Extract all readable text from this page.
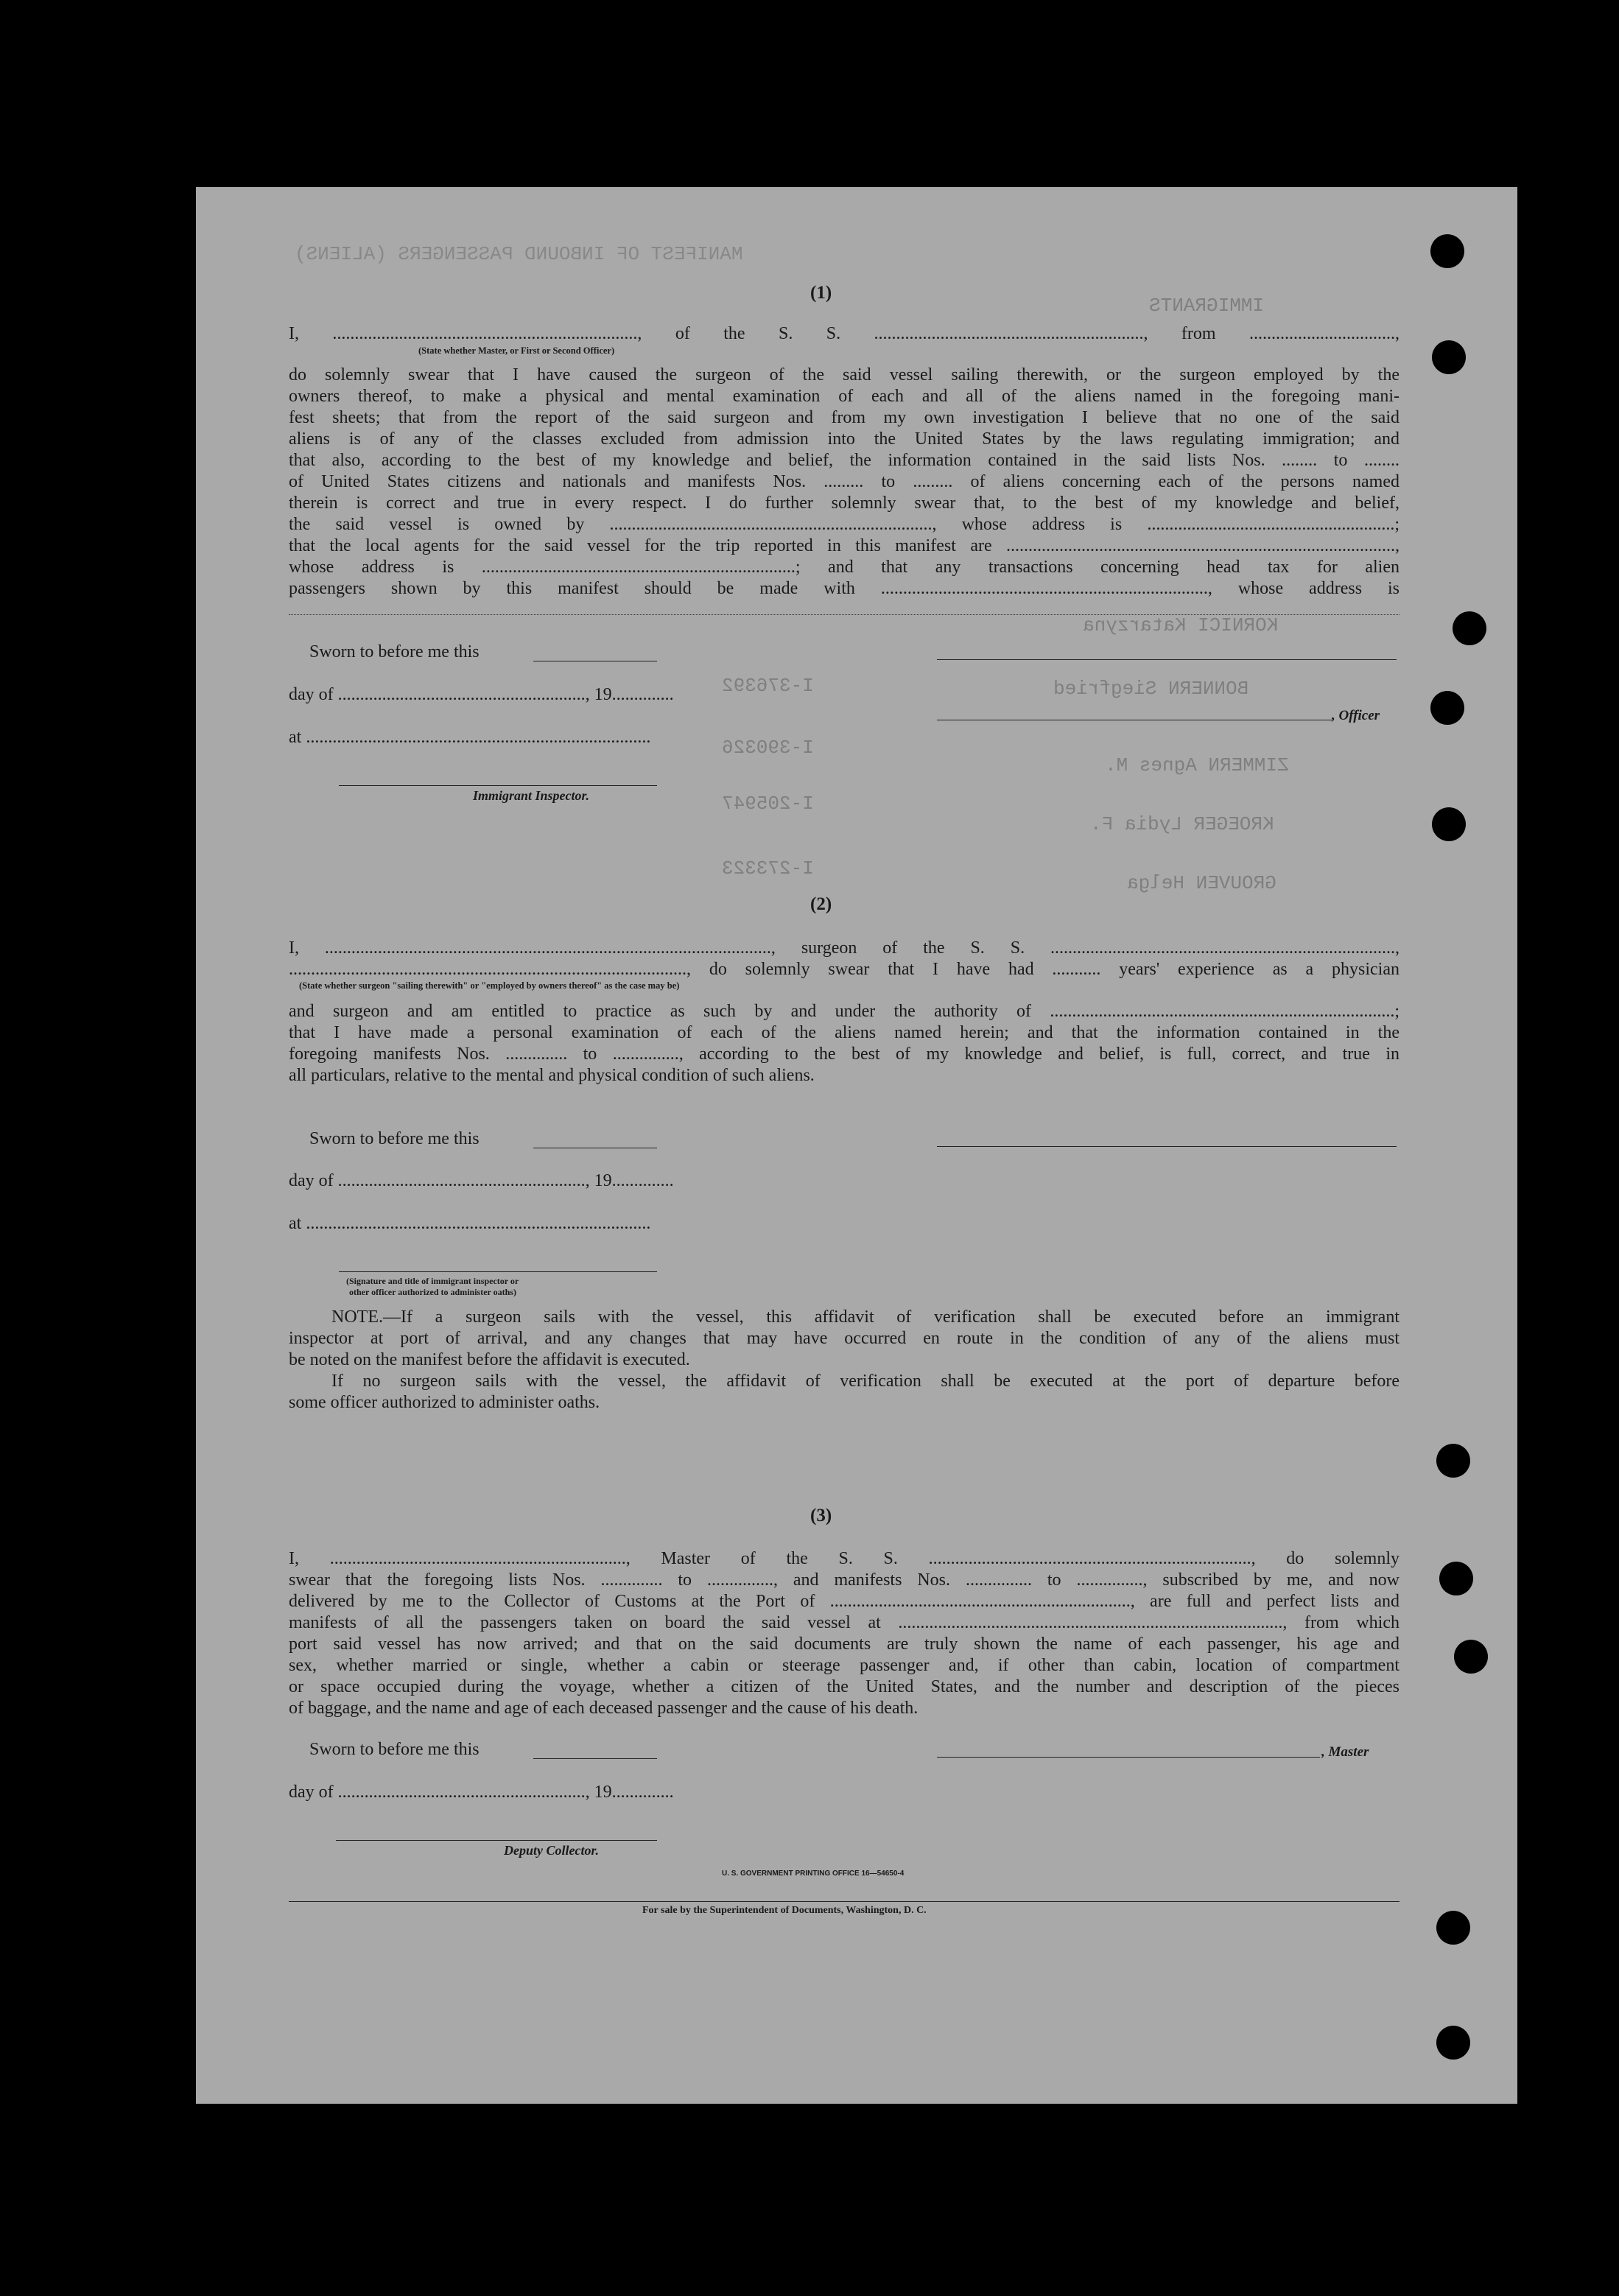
‹
›
MANIFEST OF INBOUND PASSENGERS (ALIENS)
IMMIGRANTS
KORNICI Katarzyna
BONNERN Siegfried
ZIMMERN Agnes M.
KROEGER Lydia F.
GROUVEN Helga
I-376392
I-390326
I-205947
I-273323
(1)
I, ....................................................................., of the S. S. ............................................................., from .................................,
(State whether Master, or First or Second Officer)
do solemnly swear that I have caused the surgeon of the said vessel sailing therewith, or the surgeon employed by the
owners thereof, to make a physical and mental examination of each and all of the aliens named in the foregoing mani-
fest sheets; that from the report of the said surgeon and from my own investigation I believe that no one of the said
aliens is of any of the classes excluded from admission into the United States by the laws regulating immigration; and
that also, according to the best of my knowledge and belief, the information contained in the said lists Nos. ........ to ........
of United States citizens and nationals and manifests Nos. ......... to ......... of aliens concerning each of the persons named
therein is correct and true in every respect. I do further solemnly swear that, to the best of my knowledge and belief,
the said vessel is owned by ........................................................................., whose address is ........................................................;
that the local agents for the said vessel for the trip reported in this manifest are ........................................................................................,
whose address is .......................................................................; and that any transactions concerning head tax for alien
passengers shown by this manifest should be made with .........................................................................., whose address is
Sworn to before me this
day of ........................................................, 19..............
at ..............................................................................
, Officer
Immigrant Inspector.
(2)
I, ....................................................................................................., surgeon of the S. S. ..............................................................................,
.........................................................................................., do solemnly swear that I have had ........... years' experience as a physician
(State whether surgeon "sailing therewith" or "employed by owners thereof" as the case may be)
and surgeon and am entitled to practice as such by and under the authority of ..............................................................................;
that I have made a personal examination of each of the aliens named herein; and that the information contained in the
foregoing manifests Nos. .............. to ..............., according to the best of my knowledge and belief, is full, correct, and true in
all particulars, relative to the mental and physical condition of such aliens.
Sworn to before me this
day of ........................................................, 19..............
at ..............................................................................
(Signature and title of immigrant inspector or
other officer authorized to administer oaths)
NOTE.—If a surgeon sails with the vessel, this affidavit of verification shall be executed before an immigrant
inspector at port of arrival, and any changes that may have occurred en route in the condition of any of the aliens must
be noted on the manifest before the affidavit is executed.
If no surgeon sails with the vessel, the affidavit of verification shall be executed at the port of departure before
some officer authorized to administer oaths.
(3)
I, ..................................................................., Master of the S. S. ........................................................................., do solemnly
swear that the foregoing lists Nos. .............. to ..............., and manifests Nos. ............... to ..............., subscribed by me, and now
delivered by me to the Collector of Customs at the Port of ...................................................................., are full and perfect lists and
manifests of all the passengers taken on board the said vessel at ......................................................................................., from which
port said vessel has now arrived; and that on the said documents are truly shown the name of each passenger, his age and
sex, whether married or single, whether a cabin or steerage passenger and, if other than cabin, location of compartment
or space occupied during the voyage, whether a citizen of the United States, and the number and description of the pieces
of baggage, and the name and age of each deceased passenger and the cause of his death.
Sworn to before me this	, Master
day of ........................................................, 19..............
Deputy Collector.
U. S. GOVERNMENT PRINTING OFFICE 16—54650-4
For sale by the Superintendent of Documents, Washington, D. C.
